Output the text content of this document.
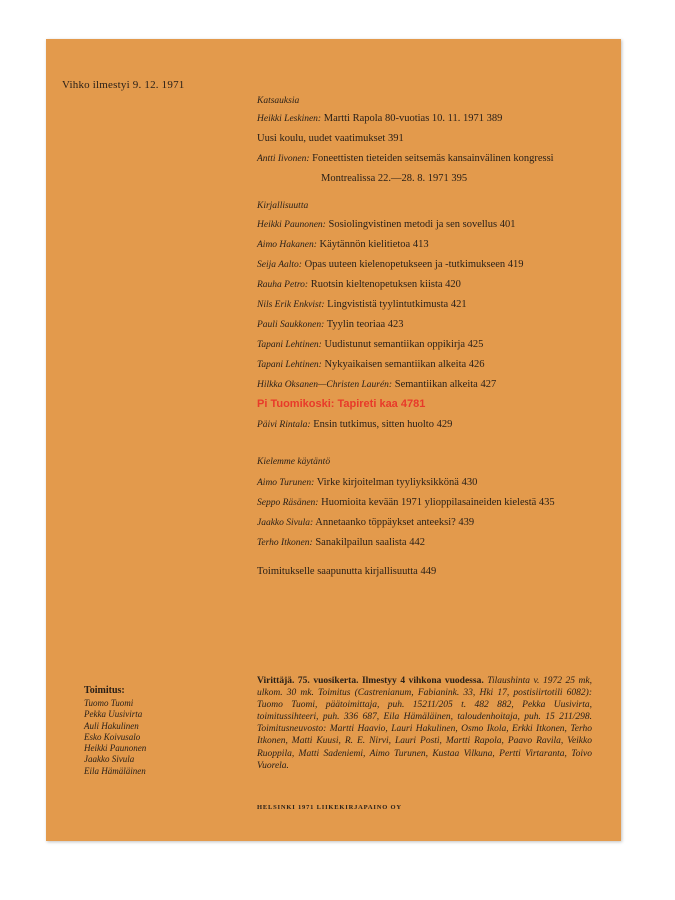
Vihko ilmestyi 9. 12. 1971
Katsauksia
Heikki Leskinen: Martti Rapola 80-vuotias 10. 11. 1971 389
Uusi koulu, uudet vaatimukset 391
Antti Iivonen: Foneettisten tieteiden seitsemäs kansainvälinen kongressi
Montrealissa 22.—28. 8. 1971 395
Kirjallisuutta
Heikki Paunonen: Sosiolingvistinen metodi ja sen sovellus 401
Aimo Hakanen: Käytännön kielitietoa 413
Seija Aalto: Opas uuteen kielenopetukseen ja -tutkimukseen 419
Rauha Petro: Ruotsin kieltenopetuksen kiista 420
Nils Erik Enkvist: Lingvististä tyylintutkimusta 421
Pauli Saukkonen: Tyylin teoriaa 423
Tapani Lehtinen: Uudistunut semantiikan oppikirja 425
Tapani Lehtinen: Nykyaikaisen semantiikan alkeita 426
Hilkka Oksanen—Christen Laurén: Semantiikan alkeita 427
Pi Tuomikoski: Tapireti kaa 4781
Päivi Rintala: Ensin tutkimus, sitten huolto 429
Kielemme käytäntö
Aimo Turunen: Virke kirjoitelman tyyliyksikkönä 430
Seppo Räsänen: Huomioita kevään 1971 ylioppilasaineiden kielestä 435
Jaakko Sivula: Annetaanko töppäykset anteeksi? 439
Terho Itkonen: Sanakilpailun saalista 442
Toimitukselle saapunutta kirjallisuutta 449
Toimitus:
Tuomo Tuomi
Pekka Uusivirta
Auli Hakulinen
Esko Koivusalo
Heikki Paunonen
Jaakko Sivula
Eila Hämäläinen
Virittäjä. 75. vuosikerta. Ilmestyy 4 vihkona vuodessa. Tilaushinta v. 1972 25 mk, ulkom. 30 mk. Toimitus (Castrenianum, Fabianink. 33, Hki 17, postisiirtotili 6082): Tuomo Tuomi, päätoimittaja, puh. 15211/205 t. 482 882, Pekka Uusivirta, toimitussihteeri, puh. 336 687, Eila Hämäläinen, taloudenhoitaja, puh. 15 211/298. Toimitusneuvosto: Martti Haavio, Lauri Hakulinen, Osmo Ikola, Erkki Itkonen, Terho Itkonen, Matti Kuusi, R. E. Nirvi, Lauri Posti, Martti Rapola, Paavo Ravila, Veikko Ruoppila, Matti Sadeniemi, Aimo Turunen, Kustaa Vilkuna, Pertti Virtaranta, Toivo Vuorela.
HELSINKI 1971 LIIKEKIRJAPAINO OY
